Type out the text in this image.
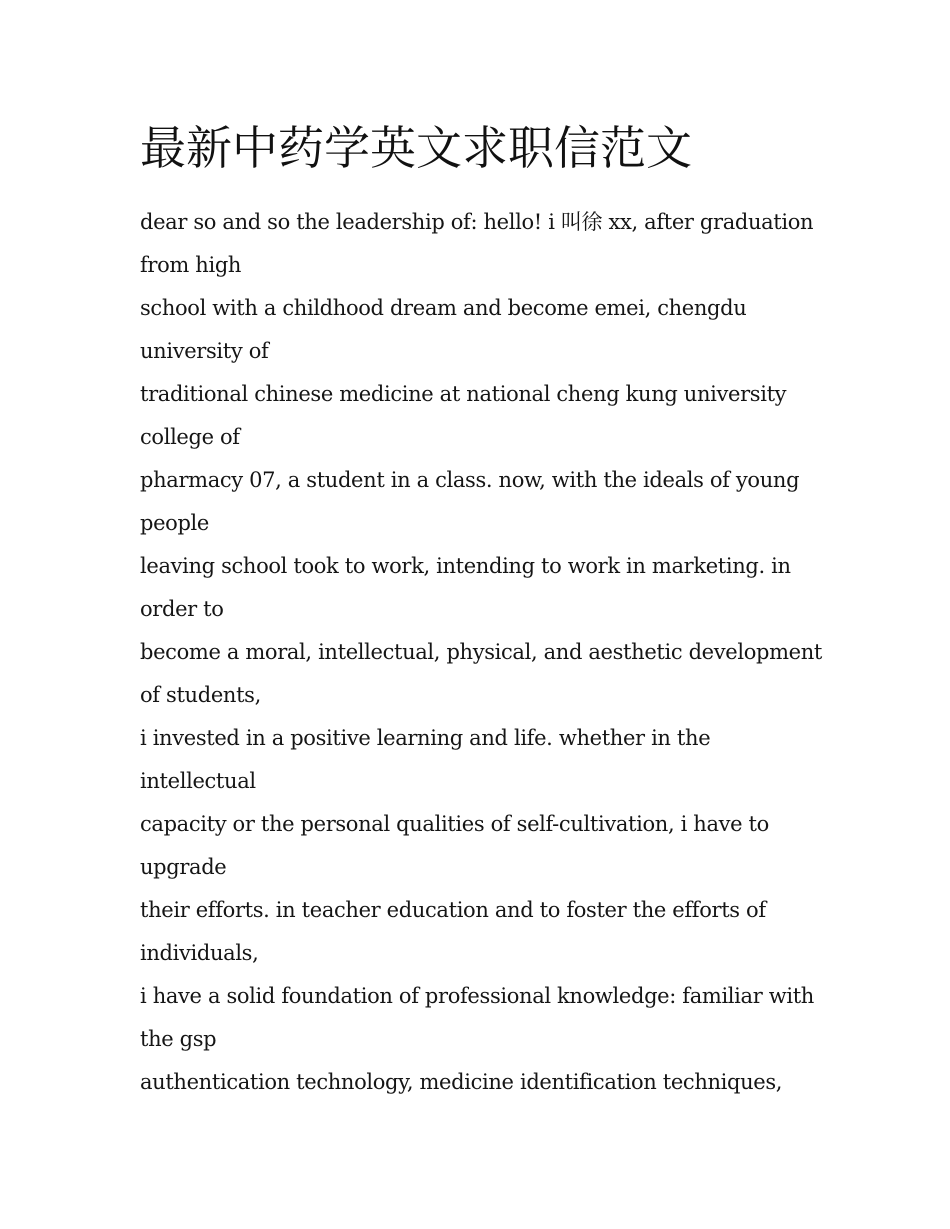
最新中药学英文求职信范文
dear so and so the leadership of: hello! i 叫徐 xx, after graduation
from high
school with a childhood dream and become emei, chengdu
university of
traditional chinese medicine at national cheng kung university
college of
pharmacy 07, a student in a class. now, with the ideals of young
people
leaving school took to work, intending to work in marketing. in
order to
become a moral, intellectual, physical, and aesthetic development
of students,
i invested in a positive learning and life. whether in the
intellectual
capacity or the personal qualities of self-cultivation, i have to
upgrade
their efforts. in teacher education and to foster the efforts of
individuals,
i have a solid foundation of professional knowledge: familiar with
the gsp
authentication technology, medicine identification techniques,
